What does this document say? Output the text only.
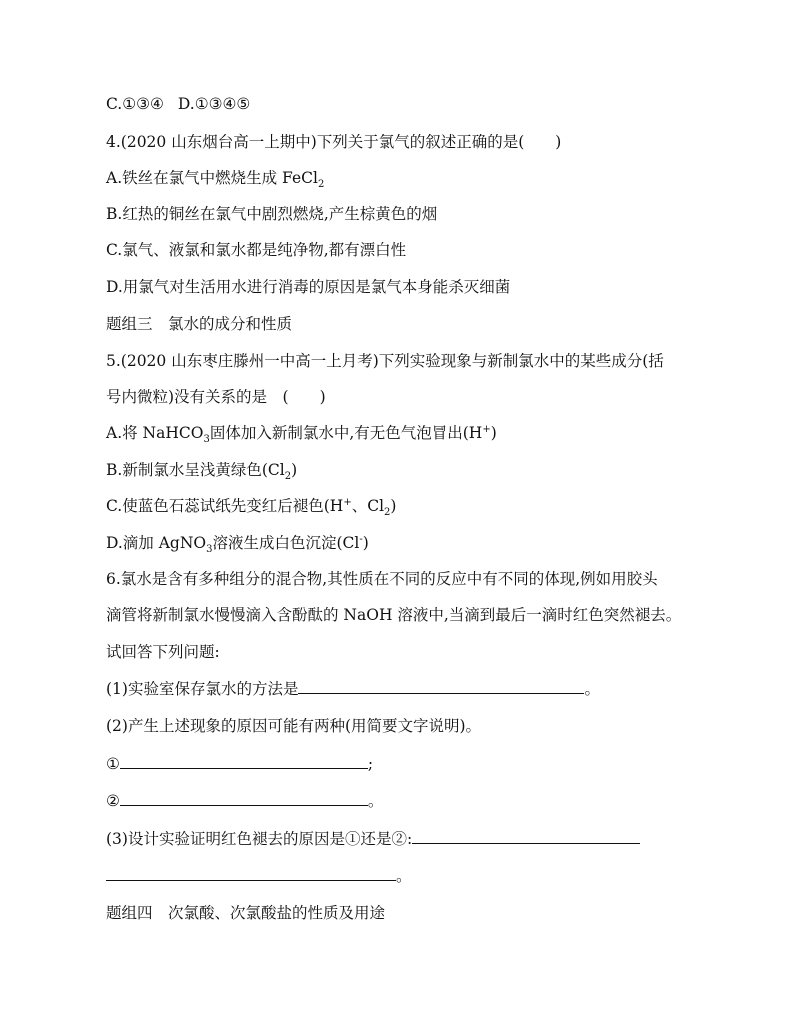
C.①③④ D.①③④⑤
4.(2020 山东烟台高一上期中)下列关于氯气的叙述正确的是(　　)
A.铁丝在氯气中燃烧生成 FeCl$_2$
B.红热的铜丝在氯气中剧烈燃烧,产生棕黄色的烟
C.氯气、液氯和氯水都是纯净物,都有漂白性
D.用氯气对生活用水进行消毒的原因是氯气本身能杀灭细菌
题组三　氯水的成分和性质
5.(2020 山东枣庄滕州一中高一上月考)下列实验现象与新制氯水中的某些成分(括
号内微粒)没有关系的是　(　　)
A.将 NaHCO$_3$固体加入新制氯水中,有无色气泡冒出(H+)
B.新制氯水呈浅黄绿色$(Cl_2)$
C.使蓝色石蕊试纸先变红后褪色(H+、$Cl_2$)
D.滴加 AgNO$_3$溶液生成白色沉淀(Cl-)
6.氯水是含有多种组分的混合物,其性质在不同的反应中有不同的体现,例如用胶头
滴管将新制氯水慢慢滴入含酚酞的 NaOH 溶液中,当滴到最后一滴时红色突然褪去。
试回答下列问题:
(1)实验室保存氯水的方法是	。
(2)产生上述现象的原因可能有两种(用简要文字说明)。
①	;
②	。
(3)设计实验证明红色褪去的原因是①还是②:
。
题组四　次氯酸、次氯酸盐的性质及用途
